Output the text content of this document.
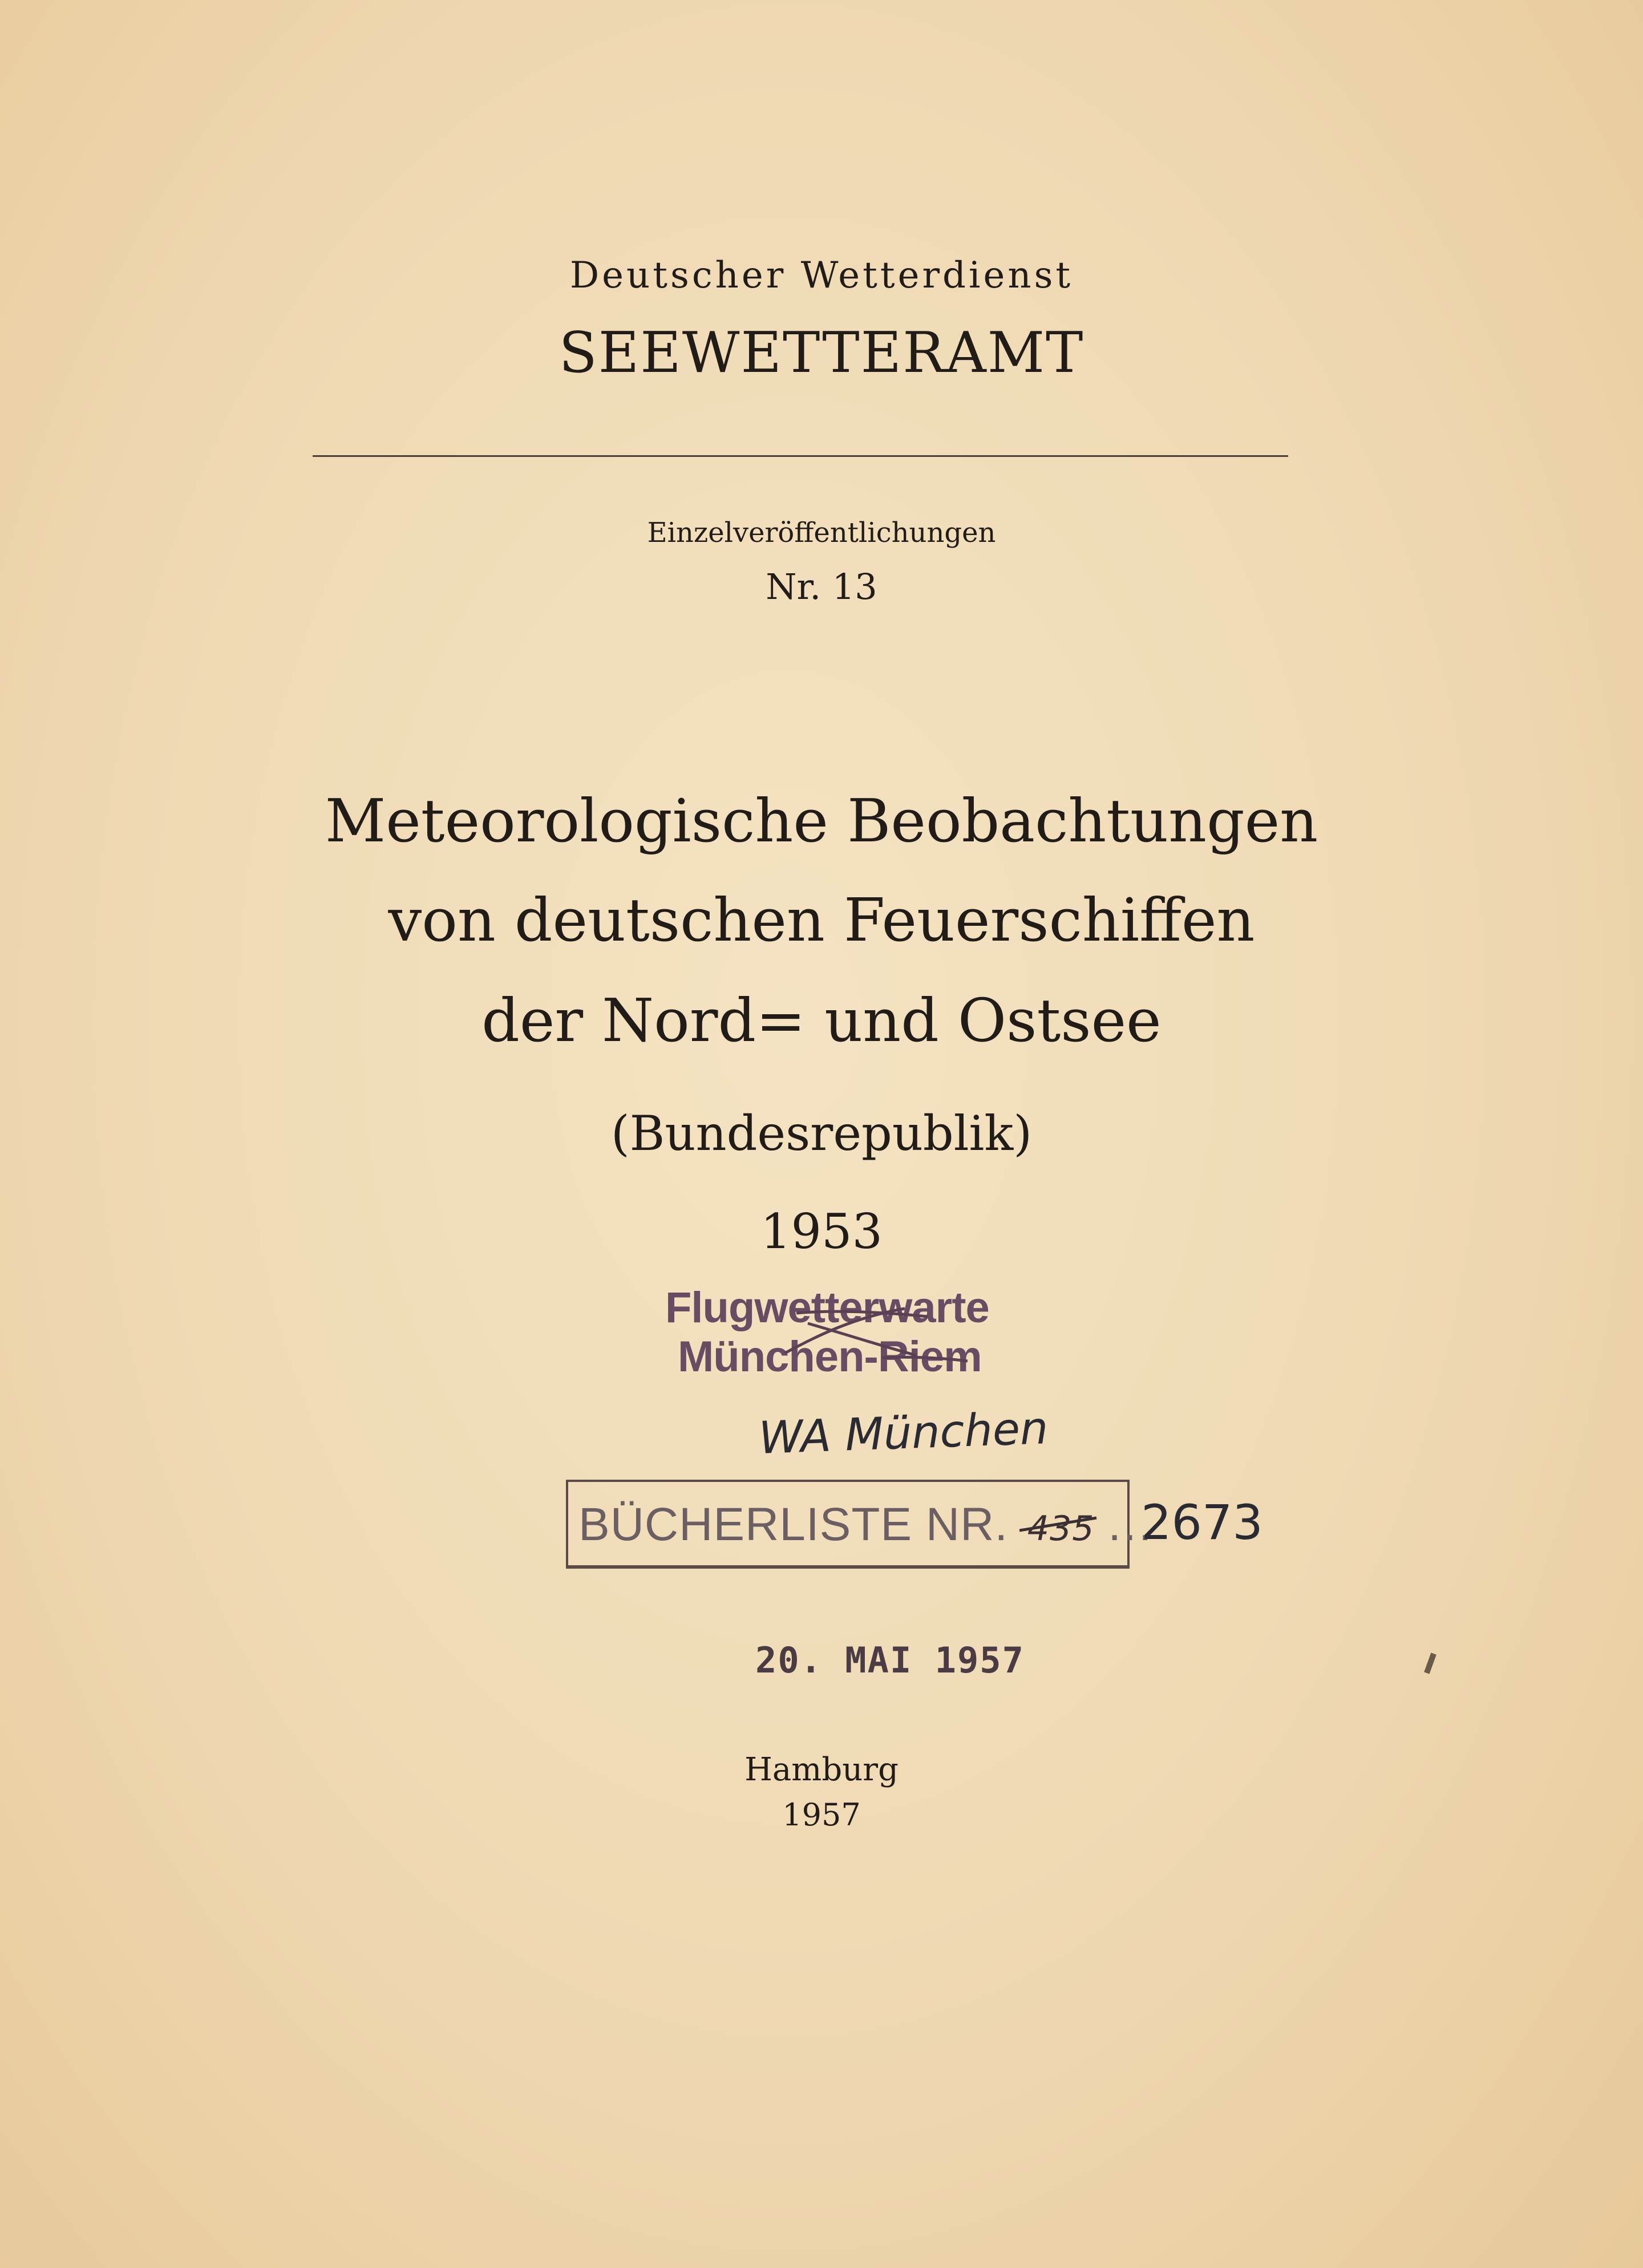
Deutscher Wetterdienst
SEEWETTERAMT
Einzelveröffentlichungen
Nr. 13
Meteorologische Beobachtungen
von deutschen Feuerschiffen
der Nord= und Ostsee
(Bundesrepublik)
1953
Flugwetterwarte
München-Riem
WA München
BÜCHERLISTE NR. 435 ...
2673
20. MAI 1957
Hamburg
1957
